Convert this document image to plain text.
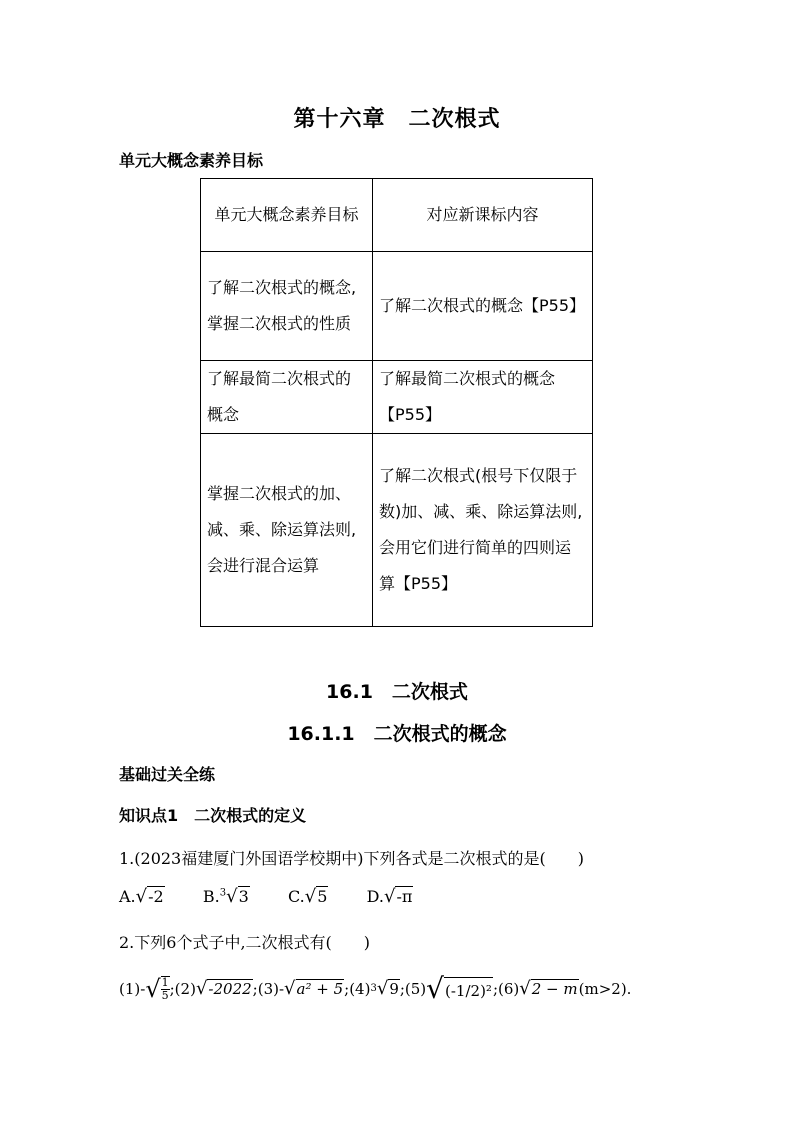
第十六章　二次根式
单元大概念素养目标
单元大概念素养目标	对应新课标内容
了解二次根式的概念,掌握二次根式的性质	了解二次根式的概念【P55】
了解最简二次根式的概念	了解最简二次根式的概念【P55】
掌握二次根式的加、减、乘、除运算法则,会进行混合运算	了解二次根式(根号下仅限于数)加、减、乘、除运算法则,会用它们进行简单的四则运算【P55】
16.1　二次根式
16.1.1　二次根式的概念
基础过关全练
知识点1　二次根式的定义
1.(2023福建厦门外国语学校期中)下列各式是二次根式的是(　　)
A.√-2 B.$^3$√3 C.√5 D.√-π
2.下列6个式子中,二次根式有(　　)
(1)- √ 1
5 ;(2) √ -2022 ;(3)- √ a² + 5 ;(4) 3 √ 9 ;(5) √ (-1/2)² ;(6) √ 2 − m (m>2).
